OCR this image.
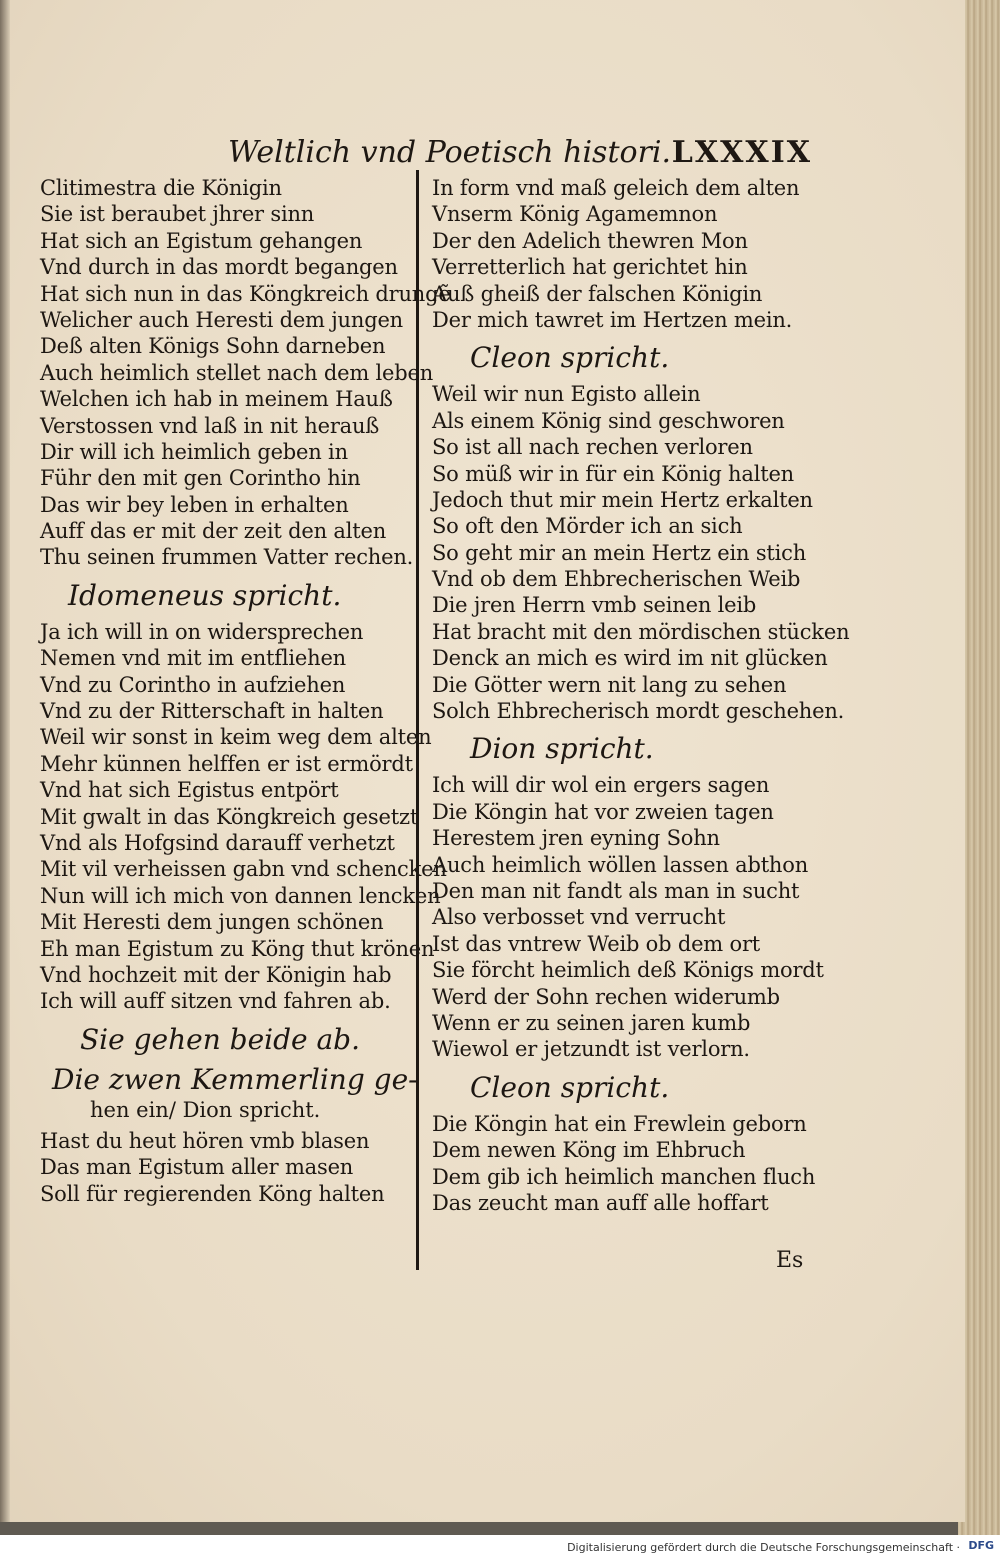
Weltlich vnd Poetisch histori. LXXXIX
Clitimestra die Königin
Sie ist beraubet jhrer sinn
Hat sich an Egistum gehangen
Vnd durch in das mordt begangen
Hat sich nun in das Köngkreich drungẽ
Welicher auch Heresti dem jungen
Deß alten Königs Sohn darneben
Auch heimlich stellet nach dem leben
Welchen ich hab in meinem Hauß
Verstossen vnd laß in nit herauß
Dir will ich heimlich geben in
Führ den mit gen Corintho hin
Das wir bey leben in erhalten
Auff das er mit der zeit den alten
Thu seinen frummen Vatter rechen.
Idomeneus spricht.
Ja ich will in on widersprechen
Nemen vnd mit im entfliehen
Vnd zu Corintho in aufziehen
Vnd zu der Ritterschaft in halten
Weil wir sonst in keim weg dem alten
Mehr künnen helffen er ist ermördt
Vnd hat sich Egistus entpört
Mit gwalt in das Köngkreich gesetzt
Vnd als Hofgsind darauff verhetzt
Mit vil verheissen gabn vnd schencken
Nun will ich mich von dannen lencken
Mit Heresti dem jungen schönen
Eh man Egistum zu Köng thut krönen
Vnd hochzeit mit der Königin hab
Ich will auff sitzen vnd fahren ab.
Sie gehen beide ab.
Die zwen Kemmerling ge-
hen ein/ Dion spricht.
Hast du heut hören vmb blasen
Das man Egistum aller masen
Soll für regierenden Köng halten
In form vnd maß geleich dem alten
Vnserm König Agamemnon
Der den Adelich thewren Mon
Verretterlich hat gerichtet hin
Auß gheiß der falschen Königin
Der mich tawret im Hertzen mein.
Cleon spricht.
Weil wir nun Egisto allein
Als einem König sind geschworen
So ist all nach rechen verloren
So müß wir in für ein König halten
Jedoch thut mir mein Hertz erkalten
So oft den Mörder ich an sich
So geht mir an mein Hertz ein stich
Vnd ob dem Ehbrecherischen Weib
Die jren Herrn vmb seinen leib
Hat bracht mit den mördischen stücken
Denck an mich es wird im nit glücken
Die Götter wern nit lang zu sehen
Solch Ehbrecherisch mordt geschehen.
Dion spricht.
Ich will dir wol ein ergers sagen
Die Köngin hat vor zweien tagen
Herestem jren eyning Sohn
Auch heimlich wöllen lassen abthon
Den man nit fandt als man in sucht
Also verbosset vnd verrucht
Ist das vntrew Weib ob dem ort
Sie förcht heimlich deß Königs mordt
Werd der Sohn rechen widerumb
Wenn er zu seinen jaren kumb
Wiewol er jetzundt ist verlorn.
Cleon spricht.
Die Köngin hat ein Frewlein geborn
Dem newen Köng im Ehbruch
Dem gib ich heimlich manchen fluch
Das zeucht man auff alle hoffart
Es
Digitalisierung gefördert durch die Deutsche Forschungsgemeinschaft · DFG
